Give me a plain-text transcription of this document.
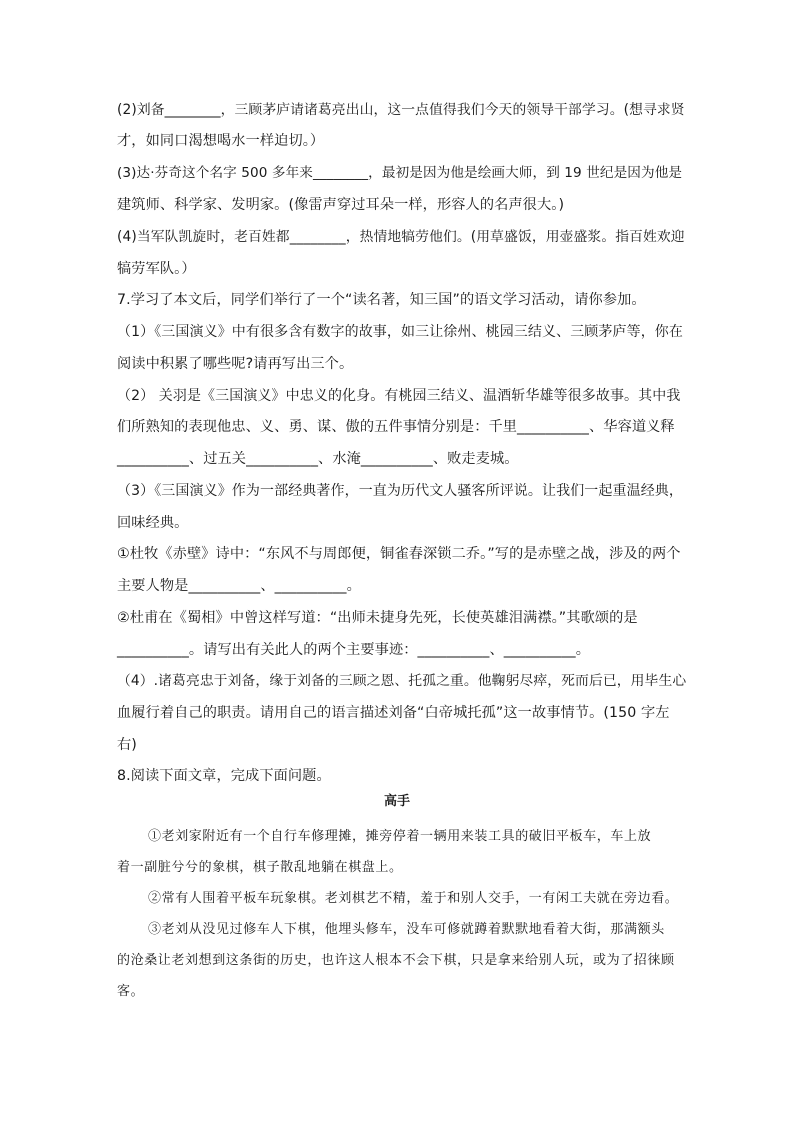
(2)刘备________，三顾茅庐请诸葛亮出山，这一点值得我们今天的领导干部学习。(想寻求贤
才，如同口渴想喝水一样迫切。）
(3)达·芬奇这个名字 500 多年来________，最初是因为他是绘画大师，到 19 世纪是因为他是
建筑师、科学家、发明家。(像雷声穿过耳朵一样，形容人的名声很大。)
(4)当军队凯旋时，老百姓都________，热情地犒劳他们。(用草盛饭，用壶盛浆。指百姓欢迎
犒劳军队。）
7.学习了本文后，同学们举行了一个“读名著，知三国”的语文学习活动，请你参加。
（1）《三国演义》中有很多含有数字的故事，如三让徐州、桃园三结义、三顾茅庐等，你在
阅读中积累了哪些呢?请再写出三个。
（2） 关羽是《三国演义》中忠义的化身。有桃园三结义、温酒斩华雄等很多故事。其中我
们所熟知的表现他忠、义、勇、谋、傲的五件事情分别是：千里__________、华容道义释
__________、过五关__________、水淹__________、败走麦城。
（3）《三国演义》作为一部经典著作，一直为历代文人骚客所评说。让我们一起重温经典，
回味经典。
①杜牧《赤壁》诗中：“东风不与周郎便，铜雀春深锁二乔。”写的是赤壁之战，涉及的两个
主要人物是__________、__________。
②杜甫在《蜀相》中曾这样写道：“出师未捷身先死，长使英雄泪满襟。”其歌颂的是
__________。请写出有关此人的两个主要事迹：__________、__________。
（4）.诸葛亮忠于刘备，缘于刘备的三顾之恩、托孤之重。他鞠躬尽瘁，死而后已，用毕生心
血履行着自己的职责。请用自己的语言描述刘备“白帝城托孤”这一故事情节。(150 字左
右)
8.阅读下面文章，完成下面问题。
高手
①老刘家附近有一个自行车修理摊，摊旁停着一辆用来装工具的破旧平板车，车上放
着一副脏兮兮的象棋，棋子散乱地躺在棋盘上。
②常有人围着平板车玩象棋。老刘棋艺不精，羞于和别人交手，一有闲工夫就在旁边看。
③老刘从没见过修车人下棋，他埋头修车，没车可修就蹲着默默地看着大街，那满额头
的沧桑让老刘想到这条街的历史，也许这人根本不会下棋，只是拿来给别人玩，或为了招徕顾
客。
